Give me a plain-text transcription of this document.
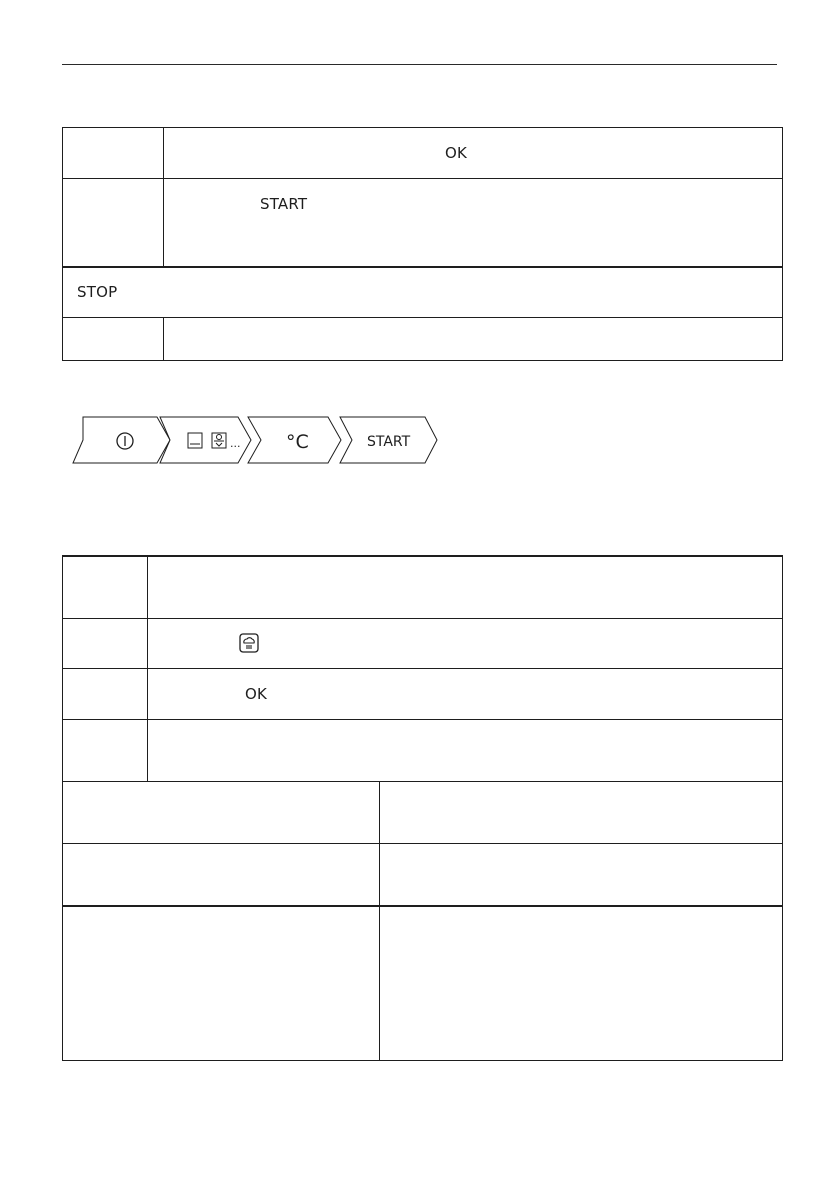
	OK
	START
STOP	

... °C	START

	OK
